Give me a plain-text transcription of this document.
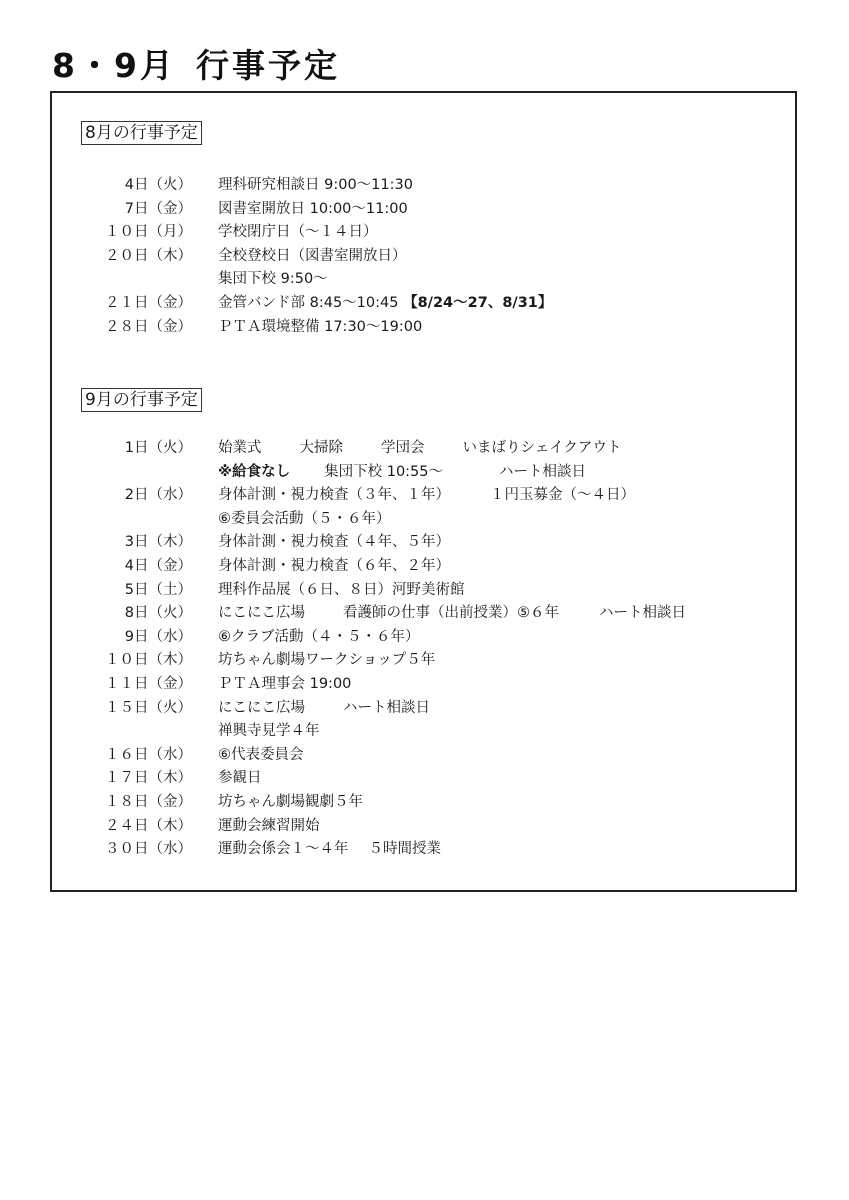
8・9月 行事予定
8月の行事予定
4日（火） 理科研究相談日 9:00～11:30
7日（金） 図書室開放日 10:00～11:00
１０日（月） 学校閉庁日（～１４日）
２０日（木） 全校登校日（図書室開放日）
集団下校 9:50～
２１日（金） 金管バンド部 8:45～10:45 【8/24～27、8/31】
２８日（金） ＰＴＡ環境整備 17:30～19:00
9月の行事予定
1日（火） 始業式	大掃除	学団会	いまばりシェイクアウト
※給食なし 集団下校 10:55～	ハート相談日
2日（水） 身体計測・視力検査（３年、１年）	１円玉募金（～４日）
⑥委員会活動（５・６年）
3日（木） 身体計測・視力検査（４年、５年）
4日（金） 身体計測・視力検査（６年、２年）
5日（土） 理科作品展（６日、８日）河野美術館
8日（火） にこにこ広場	看護師の仕事（出前授業）⑤６年	ハート相談日
9日（水） ⑥クラブ活動（４・５・６年）
１０日（木） 坊ちゃん劇場ワークショップ５年
１１日（金） ＰＴＡ理事会 19:00
１５日（火） にこにこ広場	ハート相談日
禅興寺見学４年
１６日（水） ⑥代表委員会
１７日（木） 参観日
１８日（金） 坊ちゃん劇場観劇５年
２４日（木） 運動会練習開始
３０日（水） 運動会係会１～４年 ５時間授業
